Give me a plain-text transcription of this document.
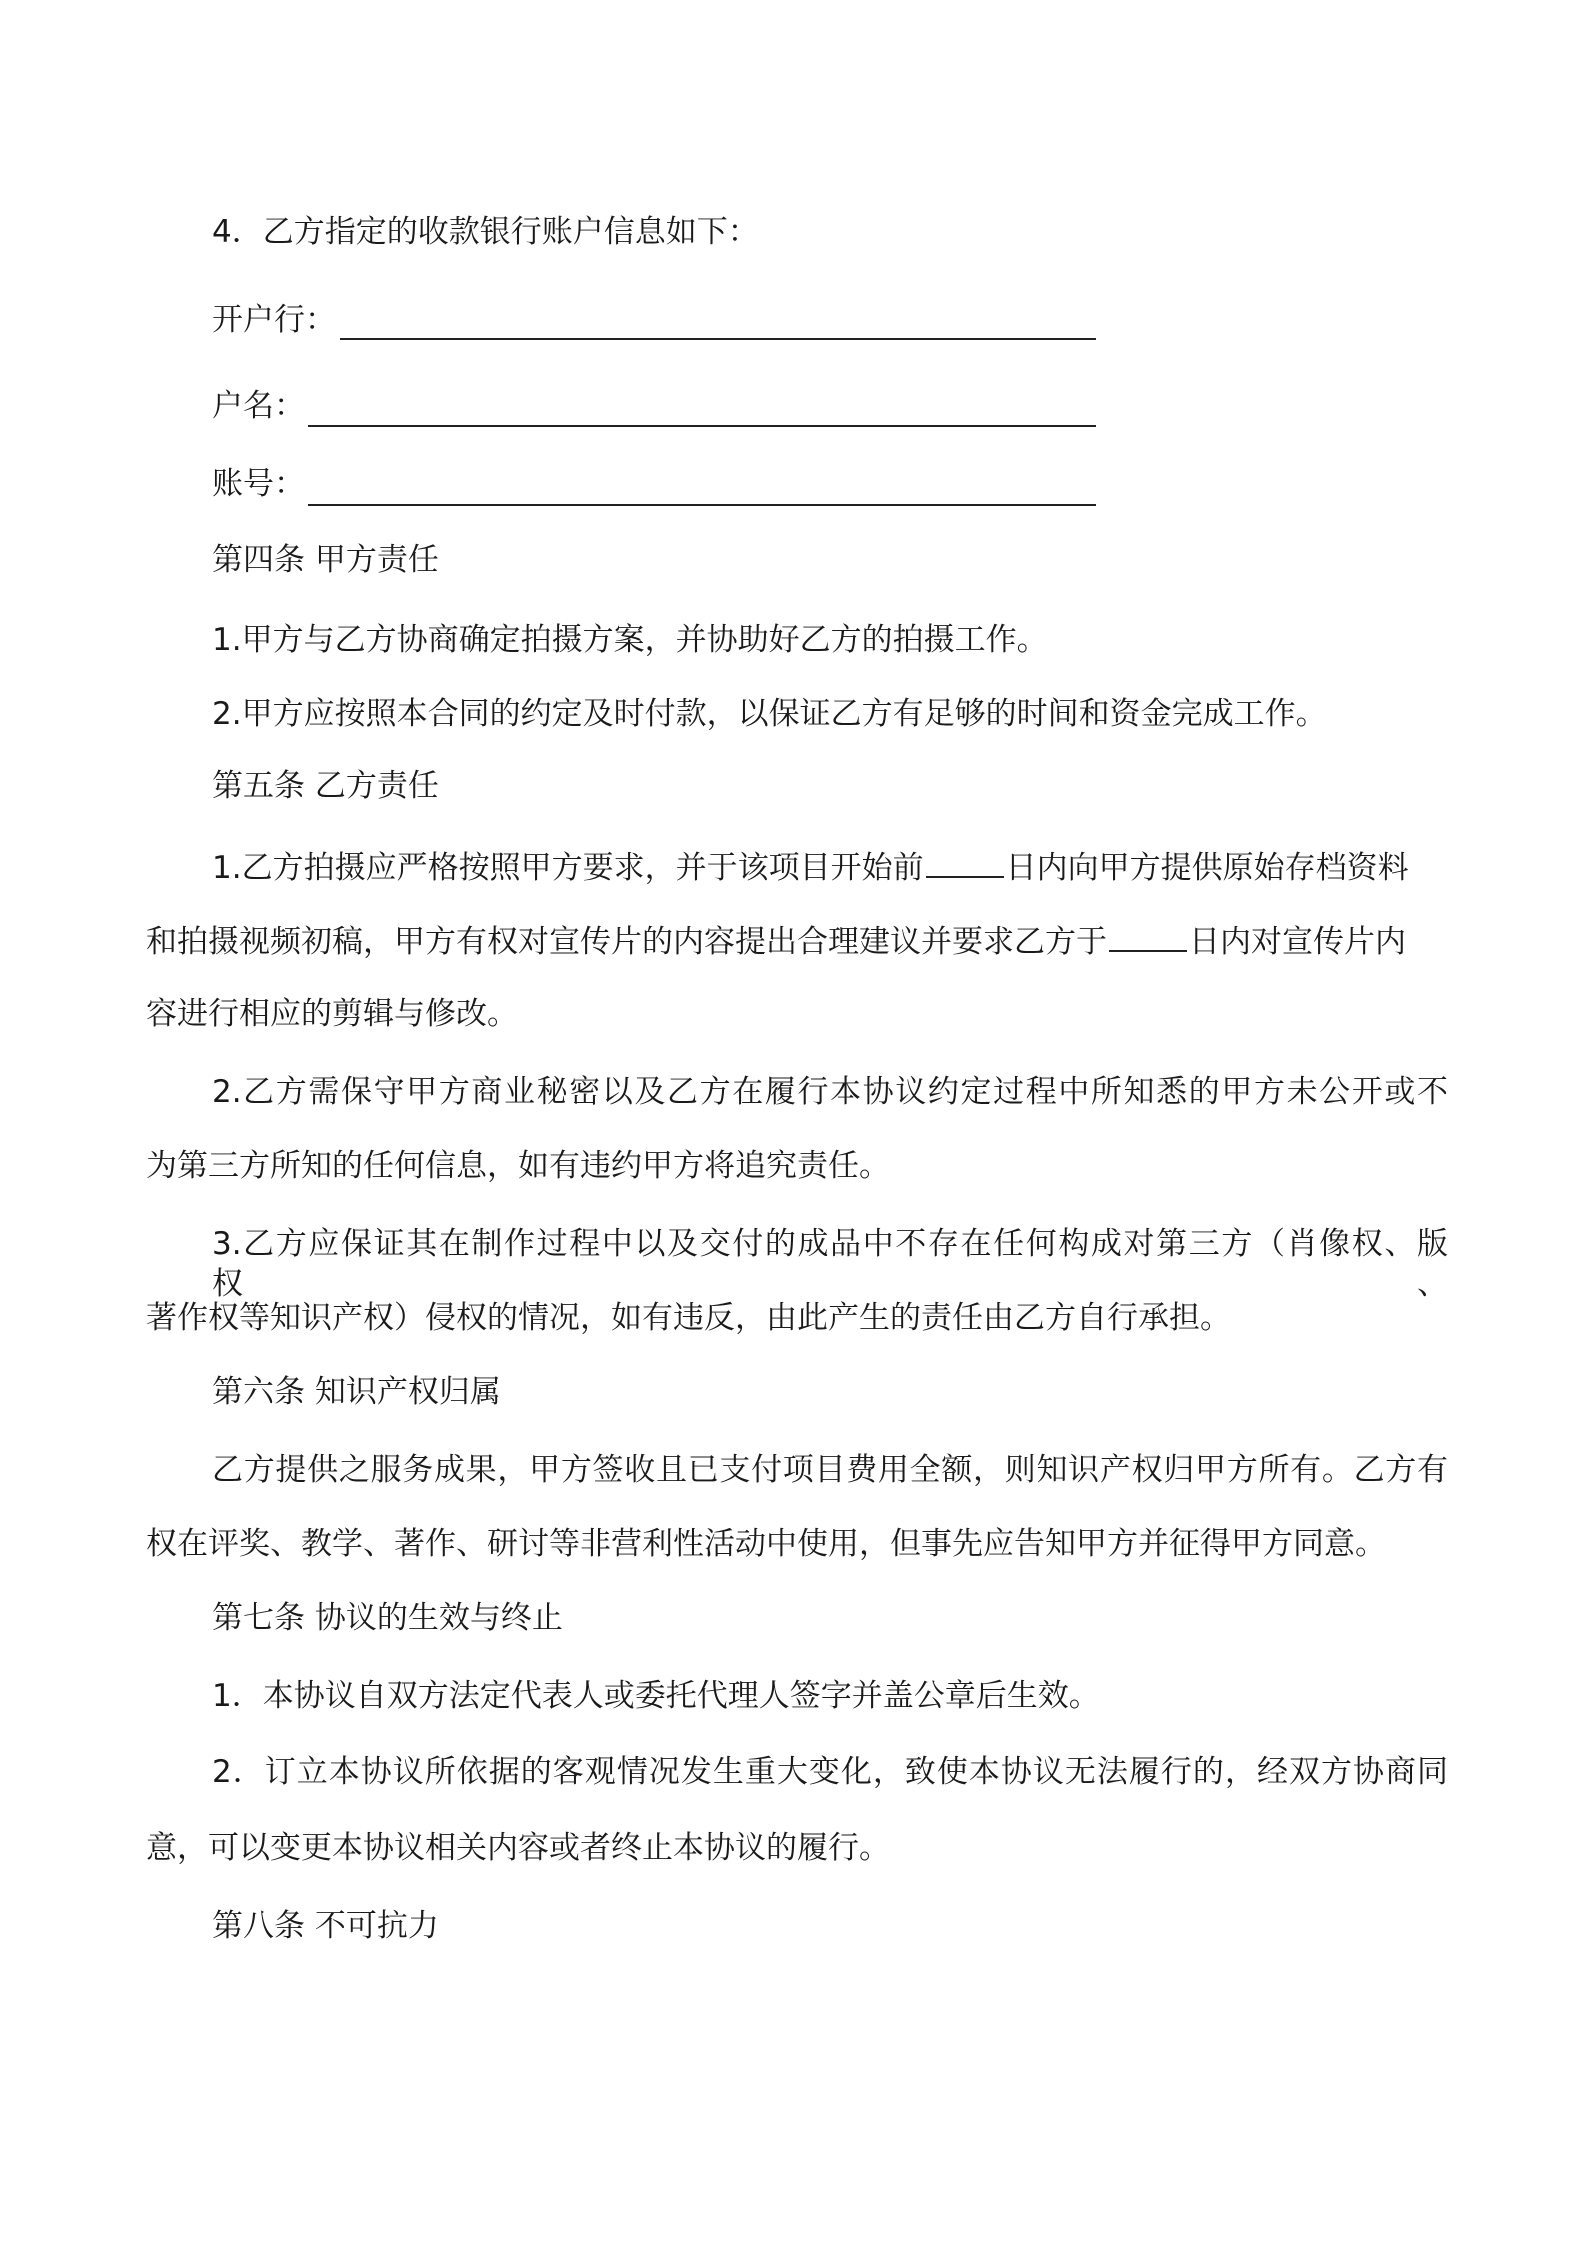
4．乙方指定的收款银行账户信息如下：
开户行：
户名：
账号：
第四条 甲方责任
1.甲方与乙方协商确定拍摄方案，并协助好乙方的拍摄工作。
2.甲方应按照本合同的约定及时付款，以保证乙方有足够的时间和资金完成工作。
第五条 乙方责任
1.乙方拍摄应严格按照甲方要求，并于该项目开始前	日内向甲方提供原始存档资料
和拍摄视频初稿，甲方有权对宣传片的内容提出合理建议并要求乙方于	日内对宣传片内
容进行相应的剪辑与修改。
2.乙方需保守甲方商业秘密以及乙方在履行本协议约定过程中所知悉的甲方未公开或不
为第三方所知的任何信息，如有违约甲方将追究责任。
3.乙方应保证其在制作过程中以及交付的成品中不存在任何构成对第三方（肖像权、版权、
著作权等知识产权）侵权的情况，如有违反，由此产生的责任由乙方自行承担。
第六条 知识产权归属
乙方提供之服务成果，甲方签收且已支付项目费用全额，则知识产权归甲方所有。乙方有
权在评奖、教学、著作、研讨等非营利性活动中使用，但事先应告知甲方并征得甲方同意。
第七条 协议的生效与终止
1．本协议自双方法定代表人或委托代理人签字并盖公章后生效。
2．订立本协议所依据的客观情况发生重大变化，致使本协议无法履行的，经双方协商同
意，可以变更本协议相关内容或者终止本协议的履行。
第八条 不可抗力
